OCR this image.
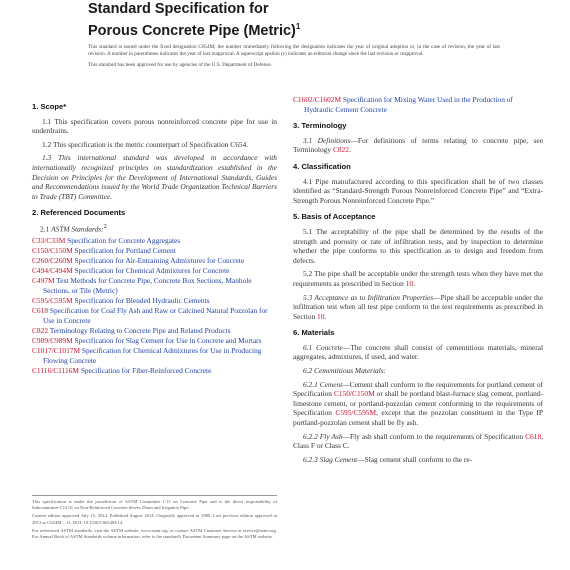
Standard Specification for
Porous Concrete Pipe (Metric)$^1$

This standard is issued under the fixed designation C654M; the number immediately following the designation indicates the year of original adoption or, in the case of revision, the year of last revision. A number in parentheses indicates the year of last reapproval. A superscript epsilon (ε) indicates an editorial change since the last revision or reapproval.

This standard has been approved for use by agencies of the U.S. Department of Defense.

1. Scope*

1.1 This specification covers porous nonreinforced concrete pipe for use in underdrains.

1.2 This specification is the metric counterpart of Specification C654.

1.3 This international standard was developed in accordance with internationally recognized principles on standardization established in the Decision on Principles for the Development of International Standards, Guides and Recommendations issued by the World Trade Organization Technical Barriers to Trade (TBT) Committee.

2. Referenced Documents
2.1 ASTM Standards:$^2$
C33/C33M Specification for Concrete Aggregates
C150/C150M Specification for Portland Cement
C260/C260M Specification for Air-Entraining Admixtures for Concrete
C494/C494M Specification for Chemical Admixtures for Concrete
C497M Test Methods for Concrete Pipe, Concrete Box Sections, Manhole Sections, or Tile (Metric)
C595/C595M Specification for Blended Hydraulic Cements
C618 Specification for Coal Fly Ash and Raw or Calcined Natural Pozzolan for Use in Concrete
C822 Terminology Relating to Concrete Pipe and Related Products
C989/C989M Specification for Slag Cement for Use in Concrete and Mortars
C1017/C1017M Specification for Chemical Admixtures for Use in Producing Flowing Concrete
C1116/C1116M Specification for Fiber-Reinforced Concrete

This specification is under the jurisdiction of ASTM Committee C13 on Concrete Pipe and is the direct responsibility of Subcommittee C13.01 on Non-Reinforced Concrete Sewer, Drain and Irrigation Pipe.

Current edition approved July 15, 2014. Published August 2014. Originally approved in 1980. Last previous edition approved in 2013 as C654M – 13. DOI: 10.1520/C0654M-14.

For referenced ASTM standards, visit the ASTM website, www.astm.org, or contact ASTM Customer Service at service@astm.org. For Annual Book of ASTM Standards volume information, refer to the standard's Document Summary page on the ASTM website.

C1602/C1602M Specification for Mixing Water Used in the Production of Hydraulic Cement Concrete
3. Terminology

3.1 Definitions—For definitions of terms relating to concrete pipe, see Terminology C822.

4. Classification

4.1 Pipe manufactured according to this specification shall be of two classes identified as “Standard-Strength Porous Nonreinforced Concrete Pipe” and “Extra-Strength Porous Nonreinforced Concrete Pipe.”

5. Basis of Acceptance

5.1 The acceptability of the pipe shall be determined by the results of the strength and porosity or rate of infiltration tests, and by inspection to determine whether the pipe conforms to this specification as to design and freedom from defects.

5.2 The pipe shall be acceptable under the strength tests when they have met the requirements as prescribed in Section 10.

5.3 Acceptance as to Infiltration Properties—Pipe shall be acceptable under the infiltration test when all test pipe conform to the test requirements as prescribed in Section 10.

6. Materials

6.1 Concrete—The concrete shall consist of cementitious materials, mineral aggregates, admixtures, if used, and water.

6.2 Cementitious Materials:

6.2.1 Cement—Cement shall conform to the requirements for portland cement of Specification C150/C150M or shall be portland blast-furnace slag cement, portland-limestone cement, or portland-pozzolan cement conforming to the requirements of Specification C595/C595M, except that the pozzolan constituent in the Type IP portland-pozzolan cement shall be fly ash.

6.2.2 Fly Ash—Fly ash shall conform to the requirements of Specification C618, Class F or Class C.

6.2.3 Slag Cement—Slag cement shall conform to the re-
